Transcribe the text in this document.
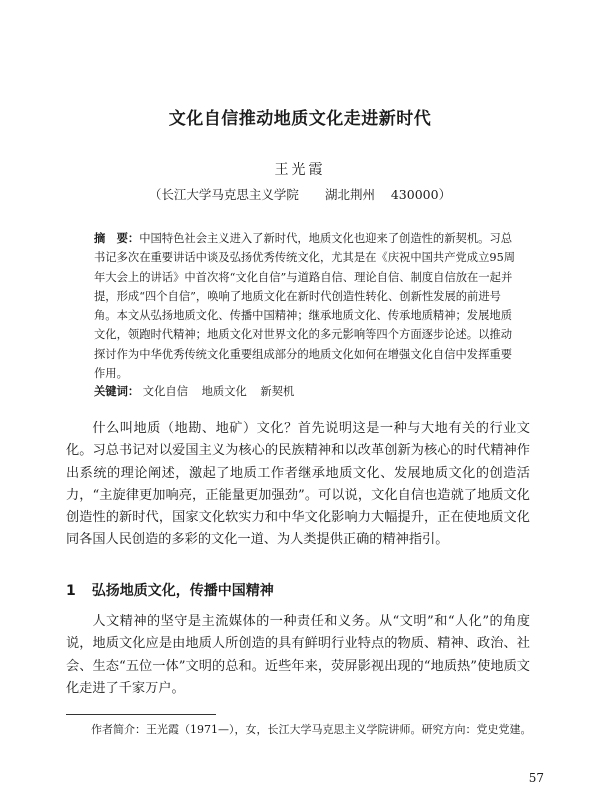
文化自信推动地质文化走进新时代
王光霞
（长江大学马克思主义学院 湖北荆州 430000）
摘　要：中国特色社会主义进入了新时代，地质文化也迎来了创造性的新契机。习总书记多次在重要讲话中谈及弘扬优秀传统文化，尤其是在《庆祝中国共产党成立95周年大会上的讲话》中首次将“文化自信”与道路自信、理论自信、制度自信放在一起并提，形成“四个自信”，唤响了地质文化在新时代创造性转化、创新性发展的前进号角。本文从弘扬地质文化、传播中国精神；继承地质文化、传承地质精神；发展地质文化，领跑时代精神；地质文化对世界文化的多元影响等四个方面逐步论述。以推动探讨作为中华优秀传统文化重要组成部分的地质文化如何在增强文化自信中发挥重要作用。
关键词： 文化自信 地质文化 新契机
什么叫地质（地勘、地矿）文化？首先说明这是一种与大地有关的行业文化。习总书记对以爱国主义为核心的民族精神和以改革创新为核心的时代精神作出系统的理论阐述，激起了地质工作者继承地质文化、发展地质文化的创造活力，“主旋律更加响亮，正能量更加强劲”。可以说，文化自信也造就了地质文化创造性的新时代，国家文化软实力和中华文化影响力大幅提升，正在使地质文化同各国人民创造的多彩的文化一道、为人类提供正确的精神指引。
1 弘扬地质文化，传播中国精神
人文精神的坚守是主流媒体的一种责任和义务。从“文明”和“人化”的角度说，地质文化应是由地质人所创造的具有鲜明行业特点的物质、精神、政治、社会、生态“五位一体”文明的总和。近些年来，荧屏影视出现的“地质热”使地质文化走进了千家万户。
作者简介：王光霞（1971—），女，长江大学马克思主义学院讲师。研究方向：党史党建。
57
